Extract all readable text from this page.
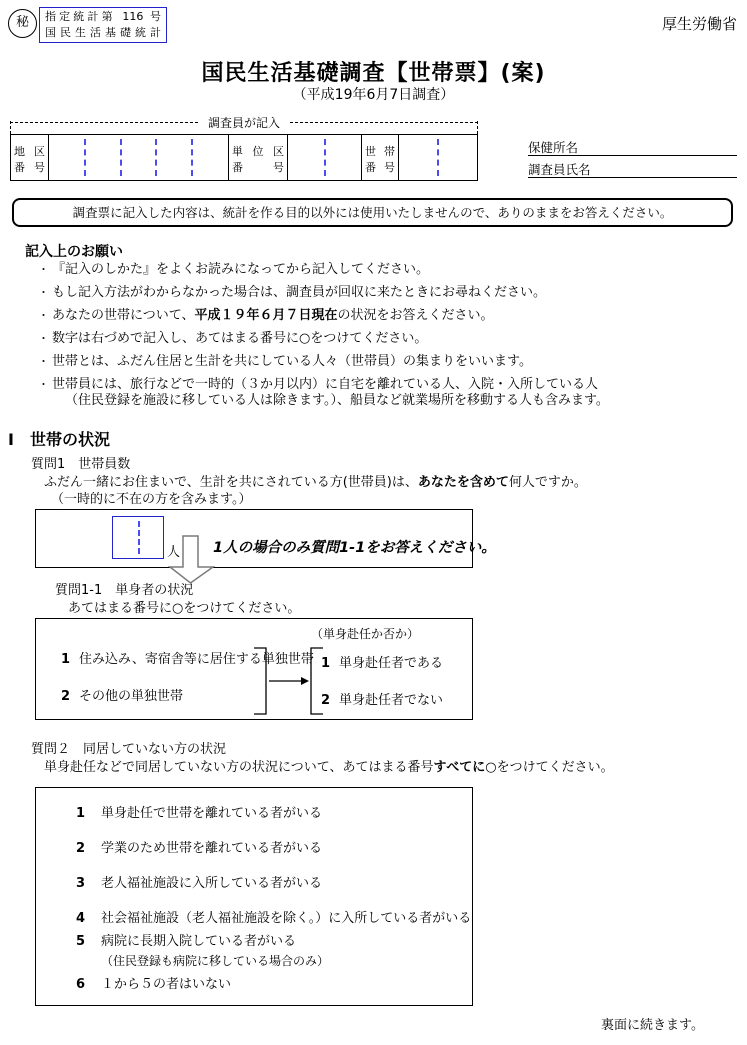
秘	指定統計第 116 号
国民生活基礎統計	厚生労働省
国民生活基礎調査【世帯票】(案)
（平成19年6月7日調査）
調査員が記入
地区
番号
単位区
番号
世帯
番号
保健所名
調査員氏名
調査票に記入した内容は、統計を作る目的以外には使用いたしませんので、ありのままをお答えください。
記入上のお願い
・ 『記入のしかた』をよくお読みになってから記入してください。
・ もし記入方法がわからなかった場合は、調査員が回収に来たときにお尋ねください。
・ あなたの世帯について、平成１９年６月７日現在の状況をお答えください。
・ 数字は右づめで記入し、あてはまる番号に○をつけてください。
・ 世帯とは、ふだん住居と生計を共にしている人々（世帯員）の集まりをいいます。
・ 世帯員には、旅行などで一時的（３か月以内）に自宅を離れている人、入院・入所している人
（住民登録を施設に移している人は除きます。）、船員など就業場所を移動する人も含みます。
Ⅰ　世帯の状況
質問1　世帯員数
ふだん一緒にお住まいで、生計を共にされている方(世帯員)は、あなたを含めて何人ですか。
（一時的に不在の方を含みます。）
人 1人の場合のみ質問1-1をお答えください。
質問1-1　単身者の状況
あてはまる番号に○をつけてください。
（単身赴任か否か）
1 住み込み、寄宿舎等に居住する単独世帯
2 その他の単独世帯
1 単身赴任者である
2 単身赴任者でない
質問２　同居していない方の状況
単身赴任などで同居していない方の状況について、あてはまる番号すべてに○をつけてください。
1 単身赴任で世帯を離れている者がいる
2 学業のため世帯を離れている者がいる
3 老人福祉施設に入所している者がいる
4 社会福祉施設（老人福祉施設を除く。）に入所している者がいる
5 病院に長期入院している者がいる
（住民登録も病院に移している場合のみ）
6 １から５の者はいない
裏面に続きます。
